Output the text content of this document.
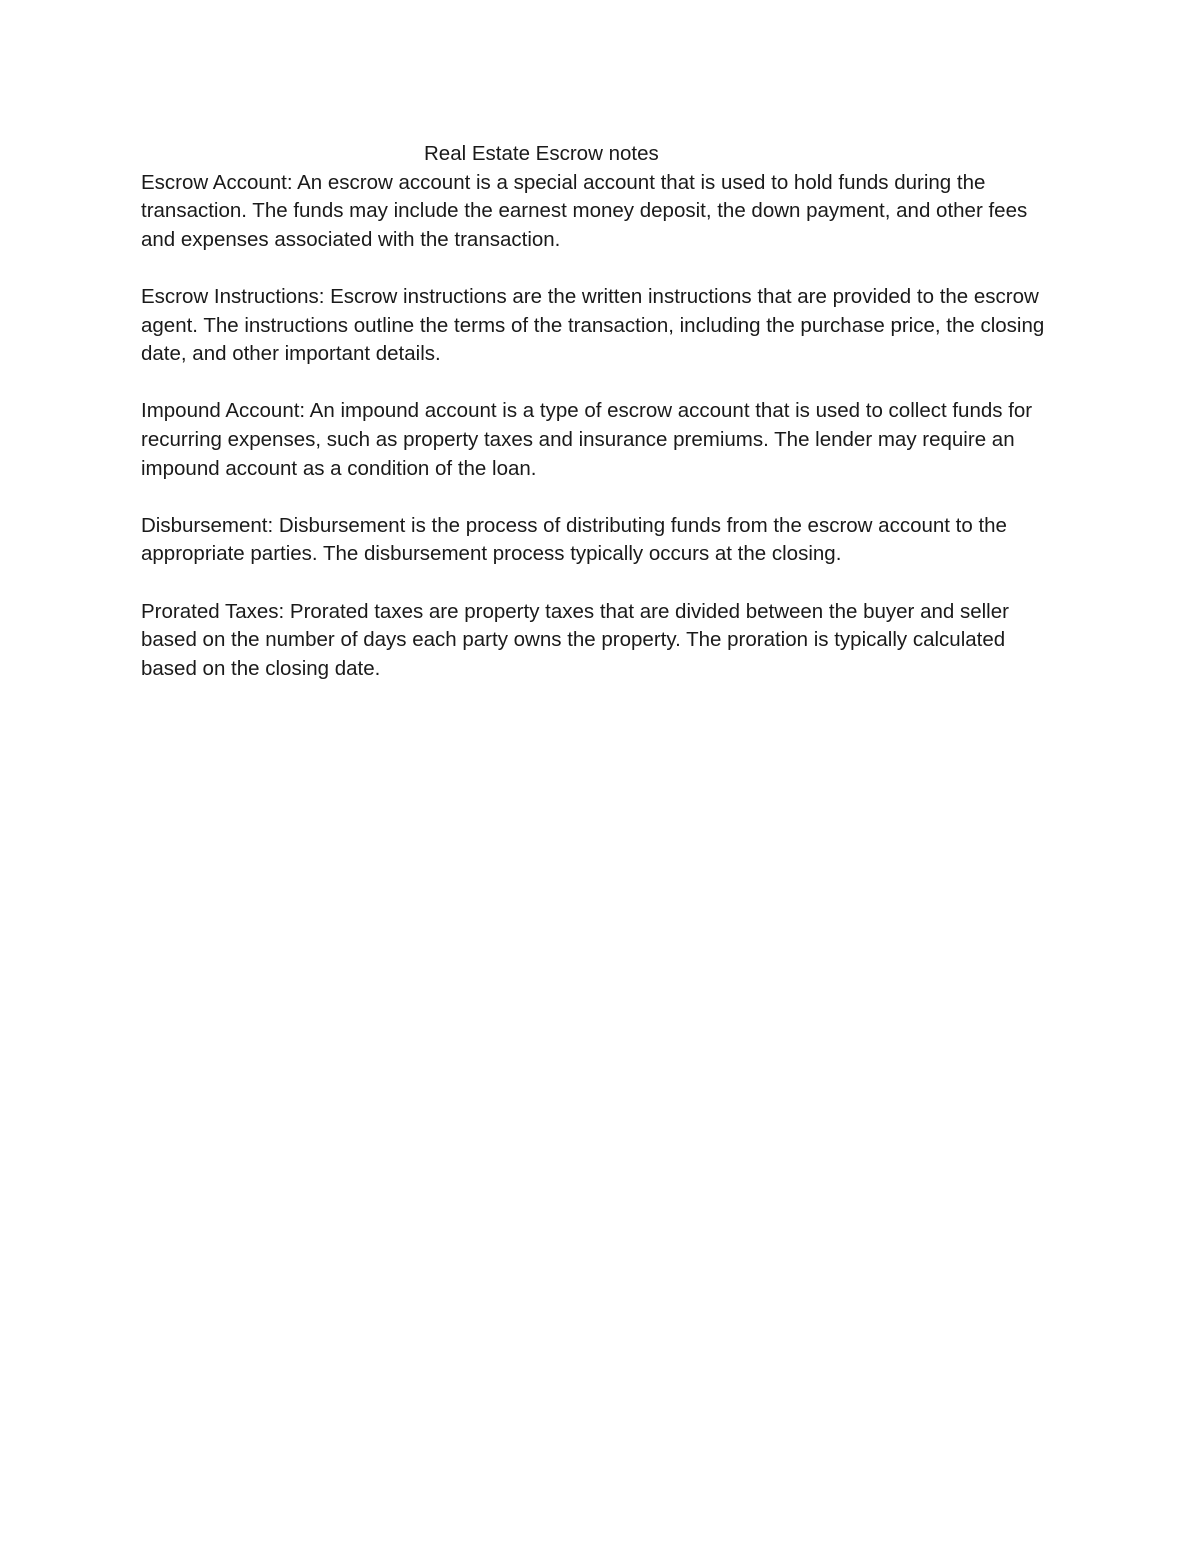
Real Estate Escrow notes

Escrow Account: An escrow account is a special account that is used to hold funds during the transaction. The funds may include the earnest money deposit, the down payment, and other fees and expenses associated with the transaction.

Escrow Instructions: Escrow instructions are the written instructions that are provided to the escrow agent. The instructions outline the terms of the transaction, including the purchase price, the closing date, and other important details.

Impound Account: An impound account is a type of escrow account that is used to collect funds for recurring expenses, such as property taxes and insurance premiums. The lender may require an impound account as a condition of the loan.

Disbursement: Disbursement is the process of distributing funds from the escrow account to the appropriate parties. The disbursement process typically occurs at the closing.

Prorated Taxes: Prorated taxes are property taxes that are divided between the buyer and seller based on the number of days each party owns the property. The proration is typically calculated based on the closing date.
